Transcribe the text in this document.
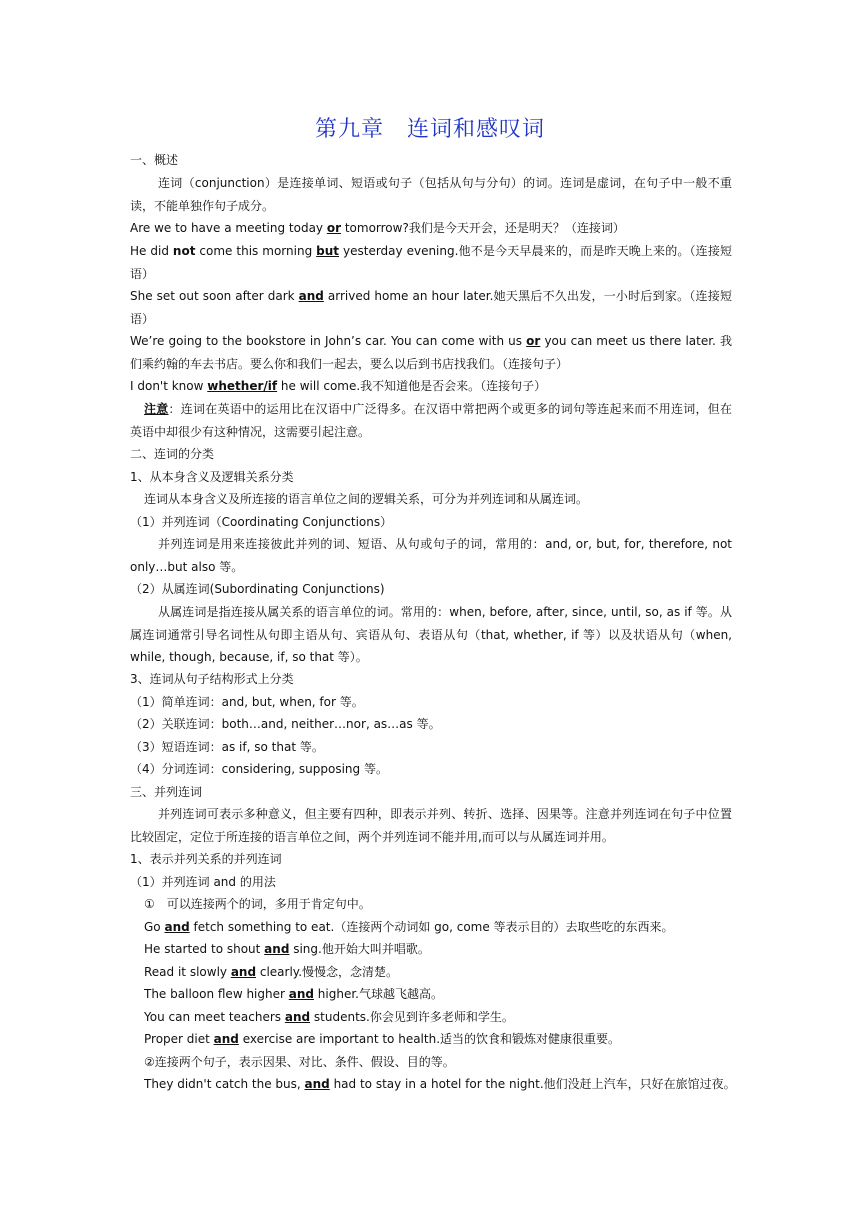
第九章　连词和感叹词
一、概述
连词（conjunction）是连接单词、短语或句子（包括从句与分句）的词。连词是虚词，在句子中一般不重读，不能单独作句子成分。
Are we to have a meeting today or tomorrow?我们是今天开会，还是明天？（连接词）
He did not come this morning but yesterday evening.他不是今天早晨来的，而是昨天晚上来的。（连接短语）
She set out soon after dark and arrived home an hour later.她天黑后不久出发，一小时后到家。（连接短语）
We’re going to the bookstore in John’s car. You can come with us or you can meet us there later. 我们乘约翰的车去书店。要么你和我们一起去，要么以后到书店找我们。（连接句子）
I don't know whether/if he will come.我不知道他是否会来。（连接句子）
注意：连词在英语中的运用比在汉语中广泛得多。在汉语中常把两个或更多的词句等连起来而不用连词，但在英语中却很少有这种情况，这需要引起注意。
二、连词的分类
1、从本身含义及逻辑关系分类
连词从本身含义及所连接的语言单位之间的逻辑关系，可分为并列连词和从属连词。
（1）并列连词（Coordinating Conjunctions）
并列连词是用来连接彼此并列的词、短语、从句或句子的词，常用的：and, or, but, for, therefore, not only…but also 等。
（2）从属连词(Subordinating Conjunctions)
从属连词是指连接从属关系的语言单位的词。常用的：when, before, after, since, until, so, as if 等。从属连词通常引导名词性从句即主语从句、宾语从句、表语从句（that, whether, if 等）以及状语从句（when, while, though, because, if, so that 等）。
3、连词从句子结构形式上分类
（1）简单连词：and, but, when, for 等。
（2）关联连词：both…and, neither…nor, as…as 等。
（3）短语连词：as if, so that 等。
（4）分词连词：considering, supposing 等。
三、并列连词
并列连词可表示多种意义，但主要有四种，即表示并列、转折、选择、因果等。注意并列连词在句子中位置比较固定，定位于所连接的语言单位之间，两个并列连词不能并用,而可以与从属连词并用。
1、表示并列关系的并列连词
（1）并列连词 and 的用法
①　可以连接两个的词，多用于肯定句中。
Go and fetch something to eat.（连接两个动词如 go, come 等表示目的）去取些吃的东西来。
He started to shout and sing.他开始大叫并唱歌。
Read it slowly and clearly.慢慢念，念清楚。
The balloon flew higher and higher.气球越飞越高。
You can meet teachers and students.你会见到许多老师和学生。
Proper diet and exercise are important to health.适当的饮食和锻炼对健康很重要。
②连接两个句子，表示因果、对比、条件、假设、目的等。
They didn't catch the bus, and had to stay in a hotel for the night.他们没赶上汽车，只好在旅馆过夜。
